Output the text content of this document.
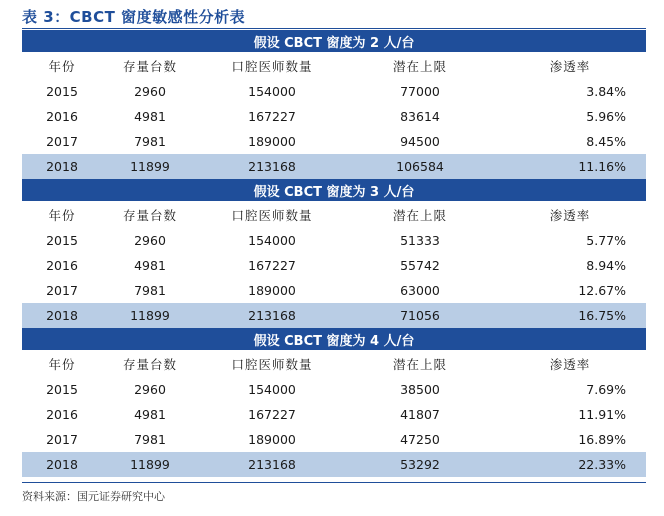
表 3：CBCT 窗度敏感性分析表
假设 CBCT 窗度为 2 人/台
年份	存量台数	口腔医师数量	潜在上限	渗透率
2015	2960	154000	77000	3.84%
2016	4981	167227	83614	5.96%
2017	7981	189000	94500	8.45%
2018	11899	213168	106584	11.16%
假设 CBCT 窗度为 3 人/台
年份	存量台数	口腔医师数量	潜在上限	渗透率
2015	2960	154000	51333	5.77%
2016	4981	167227	55742	8.94%
2017	7981	189000	63000	12.67%
2018	11899	213168	71056	16.75%
假设 CBCT 窗度为 4 人/台
年份	存量台数	口腔医师数量	潜在上限	渗透率
2015	2960	154000	38500	7.69%
2016	4981	167227	41807	11.91%
2017	7981	189000	47250	16.89%
2018	11899	213168	53292	22.33%
资料来源：国元证券研究中心
